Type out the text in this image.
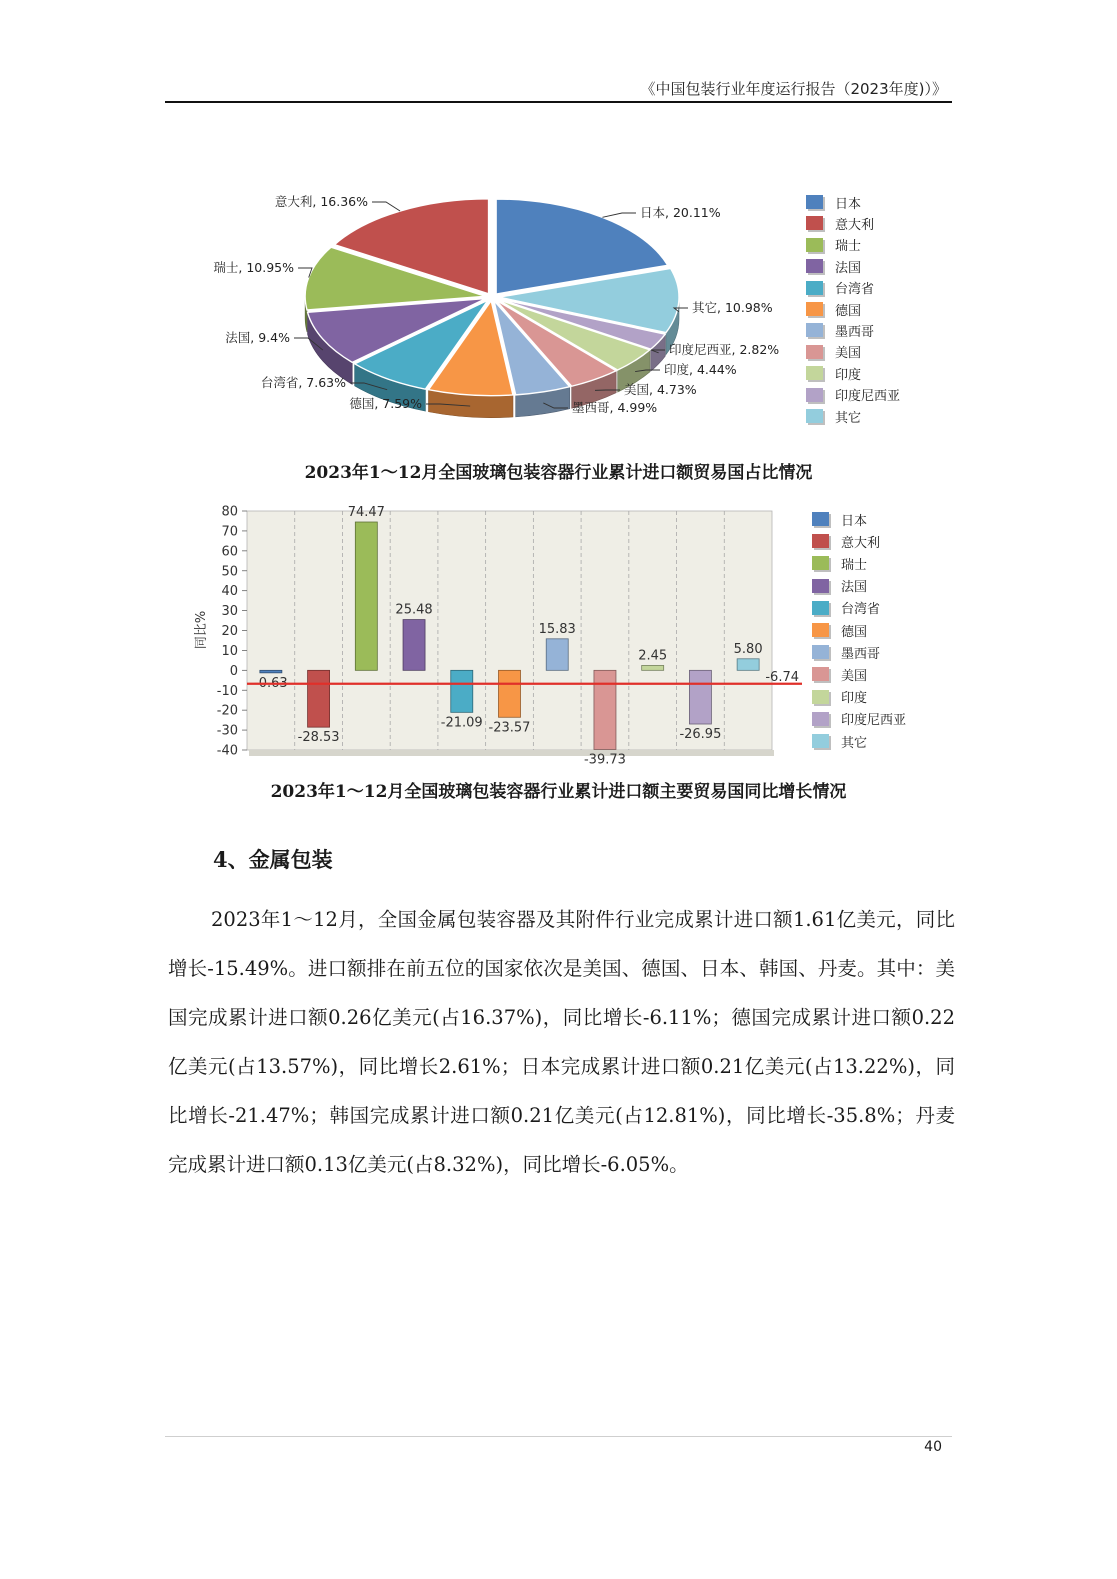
《中国包装行业年度运行报告（2023年度)）》
日本, 20.11%
其它, 10.98%
印度尼西亚, 2.82%
印度, 4.44%
美国, 4.73%
墨西哥, 4.99%
德国, 7.59%
台湾省, 7.63%
法国, 9.4%
瑞士, 10.95%
意大利, 16.36%	日本
意大利
瑞士
法国
台湾省
德国
墨西哥
美国
印度
印度尼西亚
其它
2023年1～12月全国玻璃包装容器行业累计进口额贸易国占比情况
80
70
60
50
40
30
20
10
0
-10
-20
-30
-40
同比%
-0.63
-28.53
74.47
25.48
-21.09 -23.57
15.83
-39.73
2.45
-26.95
5.80
-6.74
日本
意大利
瑞士
法国
台湾省
德国
墨西哥
美国
印度
印度尼西亚
其它
2023年1～12月全国玻璃包装容器行业累计进口额主要贸易国同比增长情况
4、金属包装

2023年1～12月，全国金属包装容器及其附件行业完成累计进口额1.61亿美元，同比增长-15.49%。进口额排在前五位的国家依次是美国、德国、日本、韩国、丹麦。其中：美国完成累计进口额0.26亿美元(占16.37%)，同比增长-6.11%；德国完成累计进口额0.22亿美元(占13.57%)，同比增长2.61%；日本完成累计进口额0.21亿美元(占13.22%)，同比增长-21.47%；韩国完成累计进口额0.21亿美元(占12.81%)，同比增长-35.8%；丹麦完成累计进口额0.13亿美元(占8.32%)，同比增长-6.05%。

40
